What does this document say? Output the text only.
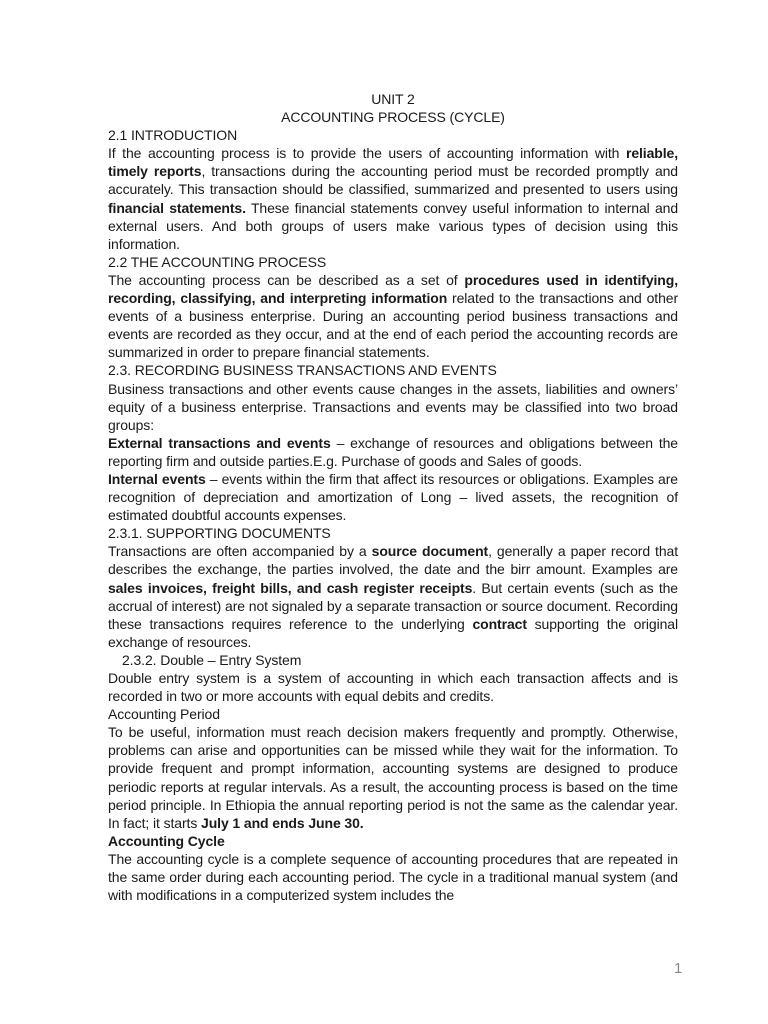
UNIT 2
ACCOUNTING PROCESS (CYCLE)
2.1 INTRODUCTION
If the accounting process is to provide the users of accounting information with reliable, timely reports, transactions during the accounting period must be recorded promptly and accurately. This transaction should be classified, summarized and presented to users using financial statements. These financial statements convey useful information to internal and external users. And both groups of users make various types of decision using this information.
2.2 THE ACCOUNTING PROCESS
The accounting process can be described as a set of procedures used in identifying, recording, classifying, and interpreting information related to the transactions and other events of a business enterprise. During an accounting period business transactions and events are recorded as they occur, and at the end of each period the accounting records are summarized in order to prepare financial statements.
2.3. RECORDING BUSINESS TRANSACTIONS AND EVENTS
Business transactions and other events cause changes in the assets, liabilities and owners’ equity of a business enterprise. Transactions and events may be classified into two broad groups:
External transactions and events – exchange of resources and obligations between the reporting firm and outside parties.E.g. Purchase of goods and Sales of goods.
Internal events – events within the firm that affect its resources or obligations. Examples are recognition of depreciation and amortization of Long – lived assets, the recognition of estimated doubtful accounts expenses.
2.3.1. SUPPORTING DOCUMENTS
Transactions are often accompanied by a source document, generally a paper record that describes the exchange, the parties involved, the date and the birr amount. Examples are sales invoices, freight bills, and cash register receipts. But certain events (such as the accrual of interest) are not signaled by a separate transaction or source document. Recording these transactions requires reference to the underlying contract supporting the original exchange of resources.
2.3.2. Double – Entry System
Double entry system is a system of accounting in which each transaction affects and is recorded in two or more accounts with equal debits and credits.
Accounting Period
To be useful, information must reach decision makers frequently and promptly. Otherwise, problems can arise and opportunities can be missed while they wait for the information. To provide frequent and prompt information, accounting systems are designed to produce periodic reports at regular intervals. As a result, the accounting process is based on the time period principle. In Ethiopia the annual reporting period is not the same as the calendar year. In fact; it starts July 1 and ends June 30.
Accounting Cycle
The accounting cycle is a complete sequence of accounting procedures that are repeated in the same order during each accounting period. The cycle in a traditional manual system (and with modifications in a computerized system includes the
1
